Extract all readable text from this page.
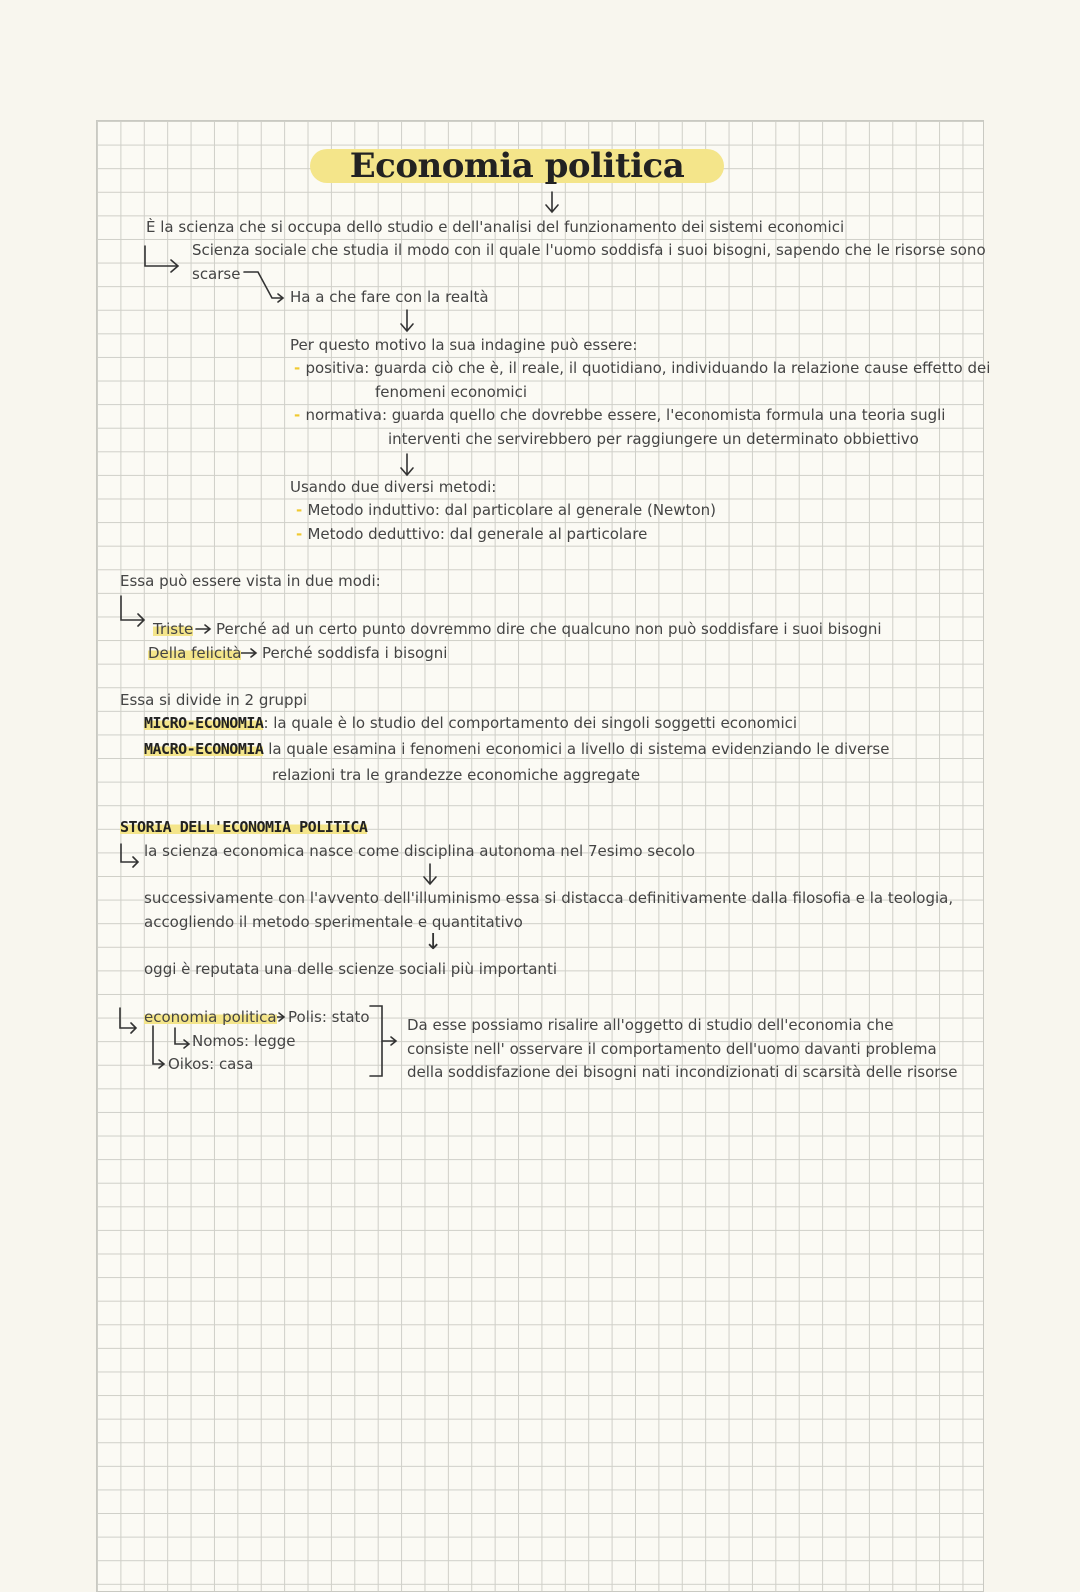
Economia politica
↓
È la scienza che si occupa dello studio e dell'analisi del funzionamento dei sistemi economici
Scienza sociale che studia il modo con il quale l'uomo soddisfa i suoi bisogni, sapendo che le risorse sono
scarse
Ha a che fare con la realtà
Per questo motivo la sua indagine può essere:
- positiva: guarda ciò che è, il reale, il quotidiano, individuando la relazione cause effetto dei
fenomeni economici
- normativa: guarda quello che dovrebbe essere, l'economista formula una teoria sugli
interventi che servirebbero per raggiungere un determinato obbiettivo
Usando due diversi metodi:
- Metodo induttivo: dal particolare al generale (Newton)
- Metodo deduttivo: dal generale al particolare
Essa può essere vista in due modi:
Triste Perché ad un certo punto dovremmo dire che qualcuno non può soddisfare i suoi bisogni
Della felicità Perché soddisfa i bisogni
Essa si divide in 2 gruppi
MICRO-ECONOMIA: la quale è lo studio del comportamento dei singoli soggetti economici
MACRO-ECONOMIA la quale esamina i fenomeni economici a livello di sistema evidenziando le diverse
relazioni tra le grandezze economiche aggregate
STORIA DELL'ECONOMIA POLITICA
la scienza economica nasce come disciplina autonoma nel 7esimo secolo
successivamente con l'avvento dell'illuminismo essa si distacca definitivamente dalla filosofia e la teologia,
accogliendo il metodo sperimentale e quantitativo
oggi è reputata una delle scienze sociali più importanti
economia politica Polis: stato
Nomos: legge
Oikos: casa
Da esse possiamo risalire all'oggetto di studio dell'economia che
consiste nell' osservare il comportamento dell'uomo davanti problema
della soddisfazione dei bisogni nati incondizionati di scarsità delle risorse
